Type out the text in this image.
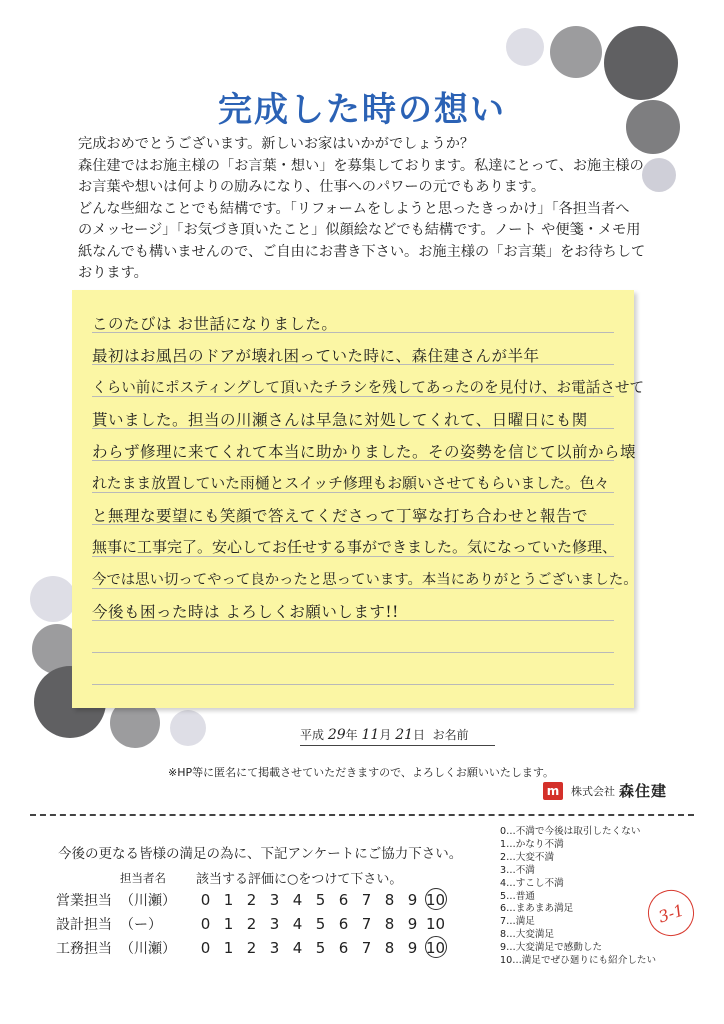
完成した時の想い
完成おめでとうございます。新しいお家はいかがでしょうか？
森住建ではお施主様の「お言葉・想い」を募集しております。私達にとって、お施主様の
お言葉や想いは何よりの励みになり、仕事へのパワーの元でもあります。
どんな些細なことでも結構です。「リフォームをしようと思ったきっかけ」「各担当者へ
のメッセージ」「お気づき頂いたこと」似顔絵などでも結構です。ノート や便箋・メモ用
紙なんでも構いませんので、ご自由にお書き下さい。お施主様の「お言葉」をお待ちして
おります。
このたびは お世話になりました。
最初はお風呂のドアが壊れ困っていた時に、森住建さんが半年
くらい前にポスティングして頂いたチラシを残してあったのを見付け、お電話させて
貰いました。担当の川瀬さんは早急に対処してくれて、日曜日にも関
わらず修理に来てくれて本当に助かりました。その姿勢を信じて以前から壊
れたまま放置していた雨樋とスイッチ修理もお願いさせてもらいました。色々
と無理な要望にも笑顔で答えてくださって丁寧な打ち合わせと報告で
無事に工事完了。安心してお任せする事ができました。気になっていた修理、
今では思い切ってやって良かったと思っています。本当にありがとうございました。
今後も困った時は よろしくお願いします!!
平成 29年 11月 21日 お名前
※HP等に匿名にて掲載させていただきますので、よろしくお願いいたします。
m	株式会社 森住建
今後の更なる皆様の満足の為に、下記アンケートにご協力下さい。
担当者名 該当する評価に○をつけて下さい。
営業担当 （川瀬）	0 1 2 3 4 5 6 7 8 9 10
設計担当 （ー）	0 1 2 3 4 5 6 7 8 9 10
工務担当 （川瀬）	0 1 2 3 4 5 6 7 8 9 10
0…不満で今後は取引したくない
1…かなり不満
2…大変不満
3…不満
4…すこし不満
5…普通
6…まあまあ満足
7…満足
8…大変満足
9…大変満足で感動した
10…満足でぜひ廻りにも紹介したい
3-1
